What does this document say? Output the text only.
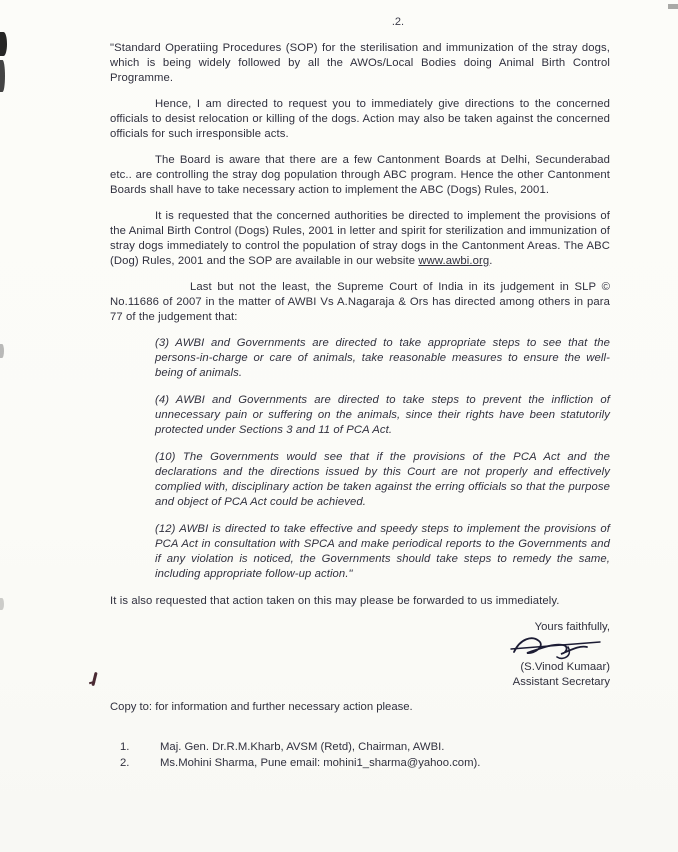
.2.

"Standard Operatiing Procedures (SOP) for the sterilisation and immunization of the stray dogs, which is being widely followed by all the AWOs/Local Bodies doing Animal Birth Control Programme.

Hence, I am directed to request you to immediately give directions to the concerned officials to desist relocation or killing of the dogs. Action may also be taken against the concerned officials for such irresponsible acts.

The Board is aware that there are a few Cantonment Boards at Delhi, Secunderabad etc.. are controlling the stray dog population through ABC program. Hence the other Cantonment Boards shall have to take necessary action to implement the ABC (Dogs) Rules, 2001.

It is requested that the concerned authorities be directed to implement the provisions of the Animal Birth Control (Dogs) Rules, 2001 in letter and spirit for sterilization and immunization of stray dogs immediately to control the population of stray dogs in the Cantonment Areas. The ABC (Dog) Rules, 2001 and the SOP are available in our website www.awbi.org.

Last but not the least, the Supreme Court of India in its judgement in SLP © No.11686 of 2007 in the matter of AWBI Vs A.Nagaraja & Ors has directed among others in para 77 of the judgement that:

(3) AWBI and Governments are directed to take appropriate steps to see that the persons-in-charge or care of animals, take reasonable measures to ensure the well-being of animals.
(4) AWBI and Governments are directed to take steps to prevent the infliction of unnecessary pain or suffering on the animals, since their rights have been statutorily protected under Sections 3 and 11 of PCA Act.
(10) The Governments would see that if the provisions of the PCA Act and the declarations and the directions issued by this Court are not properly and effectively complied with, disciplinary action be taken against the erring officials so that the purpose and object of PCA Act could be achieved.
(12) AWBI is directed to take effective and speedy steps to implement the provisions of PCA Act in consultation with SPCA and make periodical reports to the Governments and if any violation is noticed, the Governments should take steps to remedy the same, including appropriate follow-up action."

It is also requested that action taken on this may please be forwarded to us immediately.

Yours faithfully,
(S.Vinod Kumaar)
Assistant Secretary

Copy to: for information and further necessary action please.

1.	Maj. Gen. Dr.R.M.Kharb, AVSM (Retd), Chairman, AWBI.
2.	Ms.Mohini Sharma, Pune email: mohini1_sharma@yahoo.com).
